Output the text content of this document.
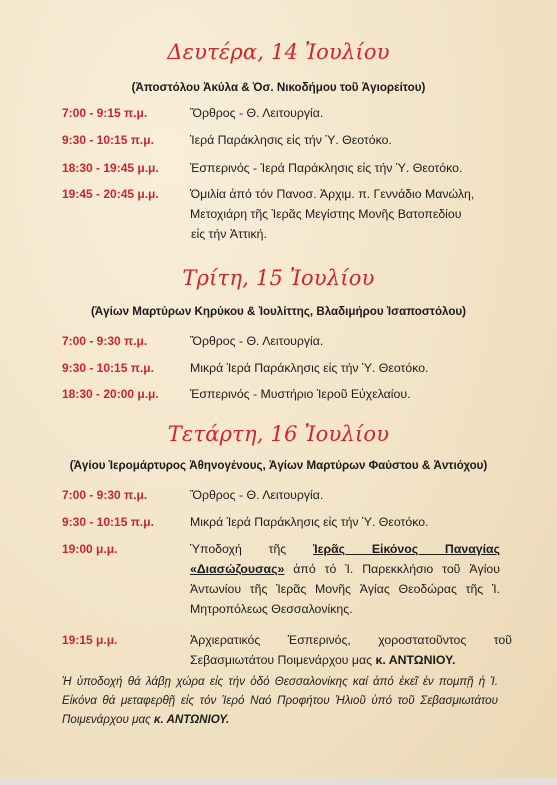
Δευτέρα, 14 Ἰουλίου
(Ἀποστόλου Ἀκύλα & Ὁσ. Νικοδήμου τοῦ Ἁγιορείτου)
7:00 - 9:15 π.μ.	Ὄρθρος - Θ. Λειτουργία.
9:30 - 10:15 π.μ.	Ἱερά Παράκλησις εἰς τήν Ὑ. Θεοτόκο.
18:30 - 19:45 μ.μ.	Ἑσπερινός - Ἱερά Παράκλησις εἰς τήν Ὑ. Θεοτόκο.
19:45 - 20:45 μ.μ.	Ὁμιλία ἀπό τόν Πανοσ. Ἀρχιμ. π. Γεννάδιο Μανώλη,
Μετοχιάρη τῆς Ἱερᾶς Μεγίστης Μονῆς Βατοπεδίου
εἰς τήν Ἀττική.
Τρίτη, 15 Ἰουλίου
(Ἁγίων Μαρτύρων Κηρύκου & Ἰουλίττης, Βλαδιμήρου Ἰσαποστόλου)
7:00 - 9:30 π.μ.	Ὄρθρος - Θ. Λειτουργία.
9:30 - 10:15 π.μ.	Μικρά Ἱερά Παράκλησις εἰς τήν Ὑ. Θεοτόκο.
18:30 - 20:00 μ.μ.	Ἑσπερινός - Μυστήριο Ἱεροῦ Εὐχελαίου.
Τετάρτη, 16 Ἰουλίου
(Ἁγίου Ἱερομάρτυρος Ἀθηνογένους, Ἁγίων Μαρτύρων Φαύστου & Ἀντιόχου)
7:00 - 9:30 π.μ.	Ὄρθρος - Θ. Λειτουργία.
9:30 - 10:15 π.μ.	Μικρά Ἱερά Παράκλησις εἰς τήν Ὑ. Θεοτόκο.
19:00 μ.μ.	Ὑποδοχή τῆς Ἱερᾶς Εἰκόνος Παναγίας «Διασώζουσας» ἀπό τό Ἱ. Παρεκκλήσιο τοῦ Ἁγίου Ἀντωνίου τῆς Ἱερᾶς Μονῆς Ἁγίας Θεοδώρας τῆς Ἱ. Μητροπόλεως Θεσσαλονίκης.
19:15 μ.μ.	Ἀρχιερατικός Ἑσπερινός, χοροστατοῦντος τοῦ Σεβασμιωτάτου Ποιμενάρχου μας κ. ΑΝΤΩΝΙΟΥ.
Ἡ ὑποδοχή θά λάβῃ χώρα εἰς τήν ὁδό Θεσσαλονίκης καί ἀπό ἐκεῖ ἐν πομπῇ ἡ Ἱ. Εἰκόνα θά μεταφερθῇ εἰς τόν Ἱερό Ναό Προφήτου Ἠλιοῦ ὑπό τοῦ Σεβασμιωτάτου Ποιμενάρχου μας κ. ΑΝΤΩΝΙΟΥ.
